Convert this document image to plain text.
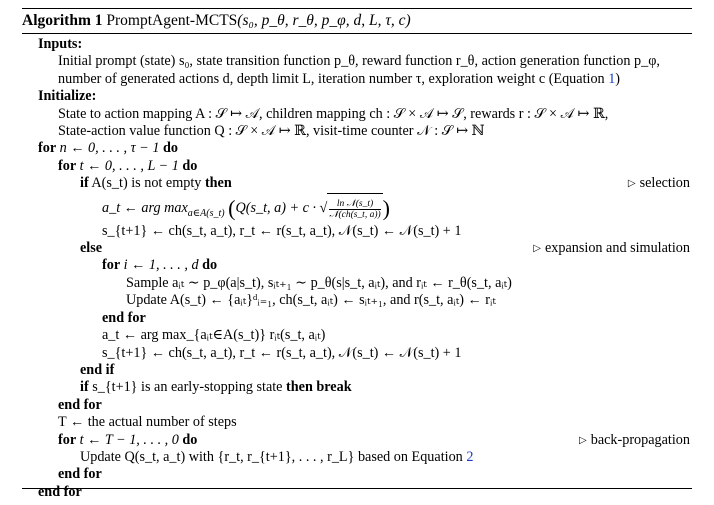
Algorithm 1 PromptAgent-MCTS(s₀, p_θ, r_θ, p_φ, d, L, τ, c)
Inputs:
Initial prompt (state) s₀, state transition function p_θ, reward function r_θ, action generation function p_φ,
number of generated actions d, depth limit L, iteration number τ, exploration weight c (Equation 1)
Initialize:
State to action mapping A : 𝒮 ↦ 𝒜, children mapping ch : 𝒮 × 𝒜 ↦ 𝒮, rewards r : 𝒮 × 𝒜 ↦ ℝ,
State-action value function Q : 𝒮 × 𝒜 ↦ ℝ, visit-time counter 𝒩 : 𝒮 ↦ ℕ
for n ← 0, . . . , τ − 1 do
for t ← 0, . . . , L − 1 do
if A(s_t) is not empty then	▷ selection
a_t ← arg $\max_{a\in A(s\_t)}$ (Q(s_t, a) + c · √ $\frac{\text{ln 𝒩(s\_t)}}{\text{𝒩(ch(s\_t, a))}}$ )
s_{t+1} ← ch(s_t, a_t), r_t ← r(s_t, a_t), 𝒩(s_t) ← 𝒩(s_t) + 1
else	▷ expansion and simulation
for i ← 1, . . . , d do
Sample aᵢₜ ∼ p_φ(a|s_t), sᵢₜ₊₁ ∼ p_θ(s|s_t, aᵢₜ), and rᵢₜ ← r_θ(s_t, aᵢₜ)
Update A(s_t) ← {aᵢₜ}ᵈᵢ₌₁, ch(s_t, aᵢₜ) ← sᵢₜ₊₁, and r(s_t, aᵢₜ) ← rᵢₜ
end for
a_t ← arg max_{aᵢₜ∈A(s_t)} rᵢₜ(s_t, aᵢₜ)
s_{t+1} ← ch(s_t, a_t), r_t ← r(s_t, a_t), 𝒩(s_t) ← 𝒩(s_t) + 1
end if
if s_{t+1} is an early-stopping state then break
end for
T ← the actual number of steps
for t ← T − 1, . . . , 0 do	▷ back-propagation
Update Q(s_t, a_t) with {r_t, r_{t+1}, . . . , r_L} based on Equation 2
end for
end for
